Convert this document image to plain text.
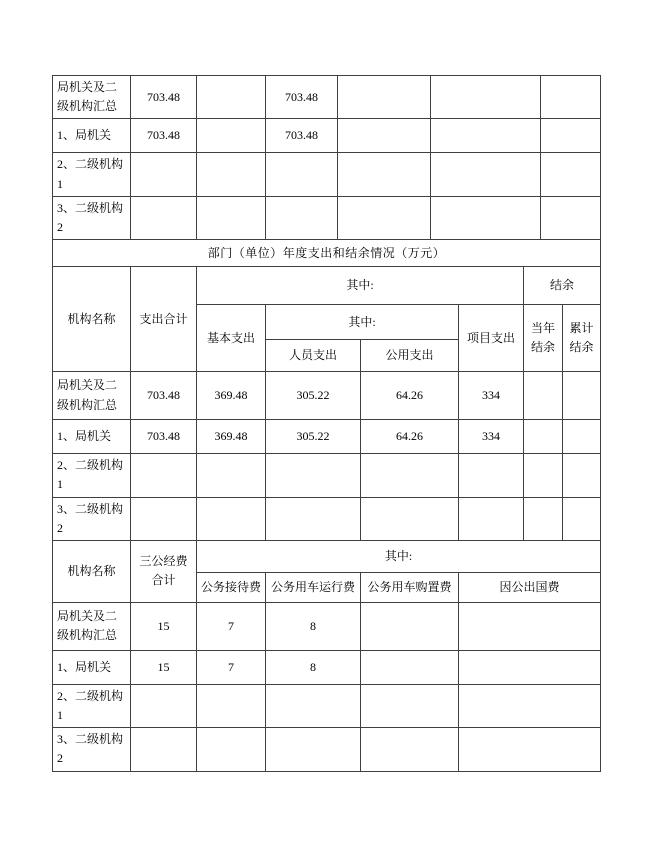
局机关及二级机构汇总	703.48		703.48			
1、局机关	703.48		703.48			
2、二级机构1						
3、二级机构2						
部门（单位）年度支出和结余情况（万元）
机构名称	支出合计	其中:				结余	
		基本支出	其中:		项目支出	当年结余	累计结余
			人员支出	公用支出			
局机关及二级机构汇总	703.48	369.48	305.22	64.26	334		
1、局机关	703.48	369.48	305.22	64.26	334		
2、二级机构1							
3、二级机构2							
机构名称	三公经费合计	其中:			
		公务接待费	公务用车运行费	公务用车购置费	因公出国费
局机关及二级机构汇总	15	7	8		
1、局机关	15	7	8		
2、二级机构1					
3、二级机构2					
